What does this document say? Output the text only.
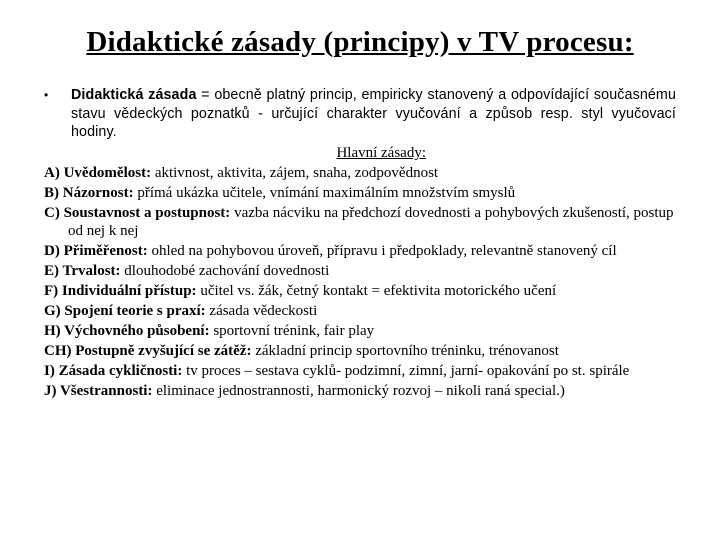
Didaktické zásady (principy) v TV procesu:
• Didaktická zásada = obecně platný princip, empiricky stanovený a odpovídající současnému stavu vědeckých poznatků - určující charakter vyučování a způsob resp. styl vyučovací hodiny.
Hlavní zásady:
A) Uvědomělost: aktivnost, aktivita, zájem, snaha, zodpovědnost
B) Názornost: přímá ukázka učitele, vnímání maximálním množstvím smyslů
C) Soustavnost a postupnost: vazba nácviku na předchozí dovednosti a pohybových zkušeností, postup od nej k nej
D) Přiměřenost: ohled na pohybovou úroveň, přípravu i předpoklady, relevantně stanovený cíl
E) Trvalost: dlouhodobé zachování dovednosti
F) Individuální přístup: učitel vs. žák, četný kontakt = efektivita motorického učení
G) Spojení teorie s praxí: zásada vědeckosti
H) Výchovného působení: sportovní trénink, fair play
CH) Postupně zvyšující se zátěž: základní princip sportovního tréninku, trénovanost
I) Zásada cykličnosti: tv proces – sestava cyklů- podzimní, zimní, jarní- opakování po st. spirále
J) Všestrannosti: eliminace jednostrannosti, harmonický rozvoj – nikoli raná special.)
